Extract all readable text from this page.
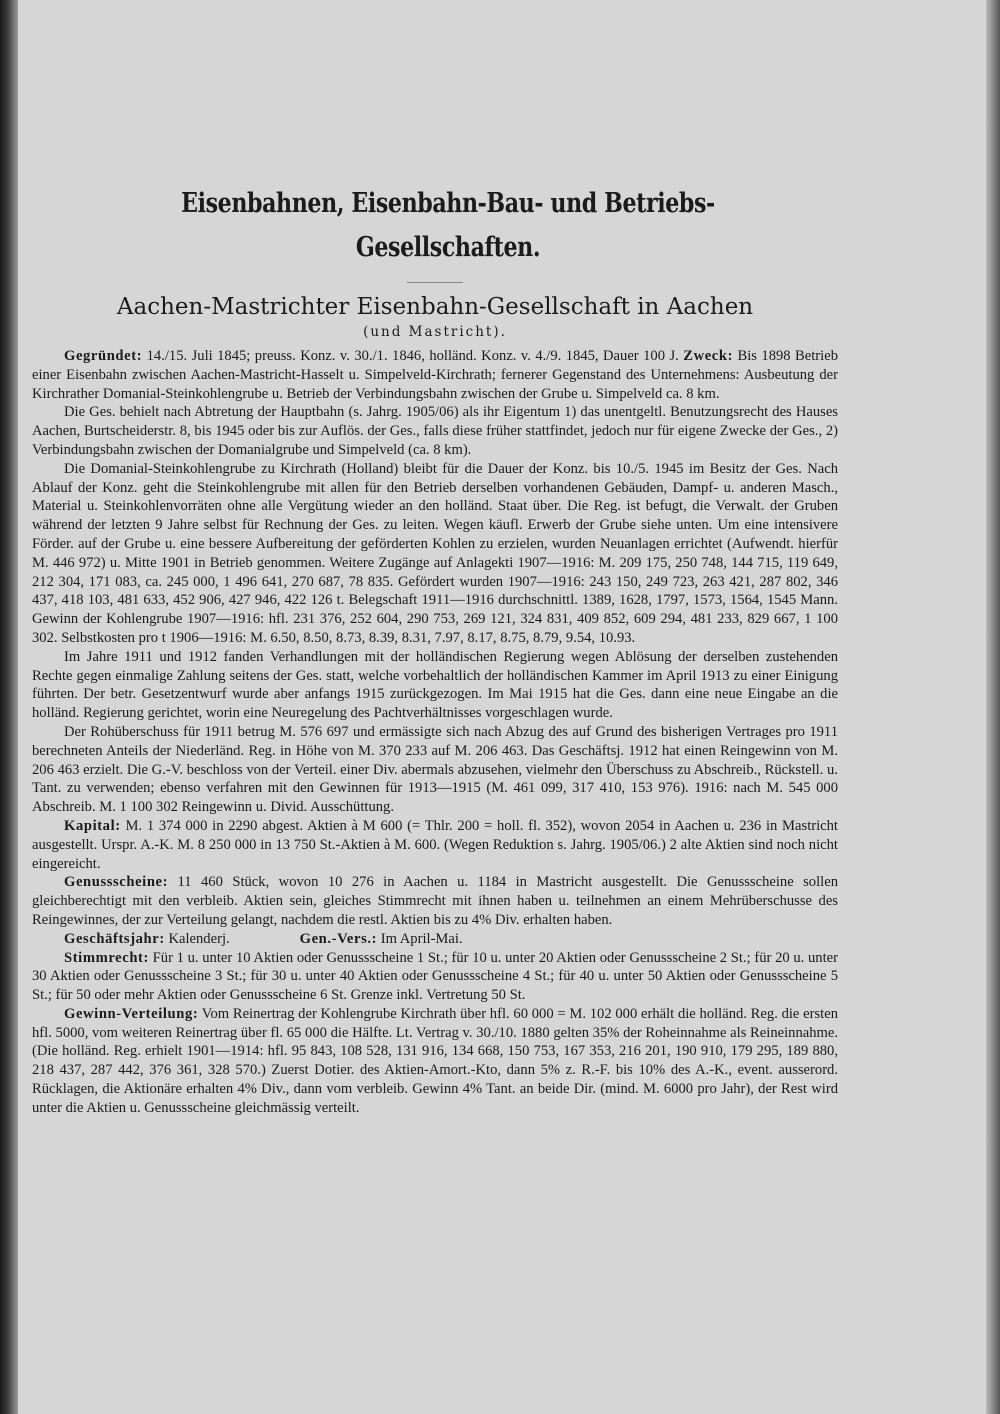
Eisenbahnen, Eisenbahn-Bau- und Betriebs-Gesellschaften.
Aachen-Mastrichter Eisenbahn-Gesellschaft in Aachen
(und Mastricht).

Gegründet: 14./15. Juli 1845; preuss. Konz. v. 30./1. 1846, holländ. Konz. v. 4./9. 1845, Dauer 100 J. Zweck: Bis 1898 Betrieb einer Eisenbahn zwischen Aachen-Mastricht-Hasselt u. Simpelveld-Kirchrath; fernerer Gegenstand des Unternehmens: Ausbeutung der Kirchrather Domanial-Steinkohlengrube u. Betrieb der Verbindungsbahn zwischen der Grube u. Simpelveld ca. 8 km.

Die Ges. behielt nach Abtretung der Hauptbahn (s. Jahrg. 1905/06) als ihr Eigentum 1) das unentgeltl. Benutzungsrecht des Hauses Aachen, Burtscheiderstr. 8, bis 1945 oder bis zur Auflös. der Ges., falls diese früher stattfindet, jedoch nur für eigene Zwecke der Ges., 2) Verbindungsbahn zwischen der Domanialgrube und Simpelveld (ca. 8 km).

Die Domanial-Steinkohlengrube zu Kirchrath (Holland) bleibt für die Dauer der Konz. bis 10./5. 1945 im Besitz der Ges. Nach Ablauf der Konz. geht die Steinkohlengrube mit allen für den Betrieb derselben vorhandenen Gebäuden, Dampf- u. anderen Masch., Material u. Steinkohlenvorräten ohne alle Vergütung wieder an den holländ. Staat über. Die Reg. ist befugt, die Verwalt. der Gruben während der letzten 9 Jahre selbst für Rechnung der Ges. zu leiten. Wegen käufl. Erwerb der Grube siehe unten. Um eine intensivere Förder. auf der Grube u. eine bessere Aufbereitung der geförderten Kohlen zu erzielen, wurden Neuanlagen errichtet (Aufwendt. hierfür M. 446 972) u. Mitte 1901 in Betrieb genommen. Weitere Zugänge auf Anlagekti 1907—1916: M. 209 175, 250 748, 144 715, 119 649, 212 304, 171 083, ca. 245 000, 1 496 641, 270 687, 78 835. Gefördert wurden 1907—1916: 243 150, 249 723, 263 421, 287 802, 346 437, 418 103, 481 633, 452 906, 427 946, 422 126 t. Belegschaft 1911—1916 durchschnittl. 1389, 1628, 1797, 1573, 1564, 1545 Mann. Gewinn der Kohlengrube 1907—1916: hfl. 231 376, 252 604, 290 753, 269 121, 324 831, 409 852, 609 294, 481 233, 829 667, 1 100 302. Selbstkosten pro t 1906—1916: M. 6.50, 8.50, 8.73, 8.39, 8.31, 7.97, 8.17, 8.75, 8.79, 9.54, 10.93.

Im Jahre 1911 und 1912 fanden Verhandlungen mit der holländischen Regierung wegen Ablösung der derselben zustehenden Rechte gegen einmalige Zahlung seitens der Ges. statt, welche vorbehaltlich der holländischen Kammer im April 1913 zu einer Einigung führten. Der betr. Gesetzentwurf wurde aber anfangs 1915 zurückgezogen. Im Mai 1915 hat die Ges. dann eine neue Eingabe an die holländ. Regierung gerichtet, worin eine Neuregelung des Pachtverhältnisses vorgeschlagen wurde.

Der Rohüberschuss für 1911 betrug M. 576 697 und ermässigte sich nach Abzug des auf Grund des bisherigen Vertrages pro 1911 berechneten Anteils der Niederländ. Reg. in Höhe von M. 370 233 auf M. 206 463. Das Geschäftsj. 1912 hat einen Reingewinn von M. 206 463 erzielt. Die G.-V. beschloss von der Verteil. einer Div. abermals abzusehen, vielmehr den Überschuss zu Abschreib., Rückstell. u. Tant. zu verwenden; ebenso verfahren mit den Gewinnen für 1913—1915 (M. 461 099, 317 410, 153 976). 1916: nach M. 545 000 Abschreib. M. 1 100 302 Reingewinn u. Divid. Ausschüttung.

Kapital: M. 1 374 000 in 2290 abgest. Aktien à M 600 (= Thlr. 200 = holl. fl. 352), wovon 2054 in Aachen u. 236 in Mastricht ausgestellt. Urspr. A.-K. M. 8 250 000 in 13 750 St.-Aktien à M. 600. (Wegen Reduktion s. Jahrg. 1905/06.) 2 alte Aktien sind noch nicht eingereicht.

Genussscheine: 11 460 Stück, wovon 10 276 in Aachen u. 1184 in Mastricht ausgestellt. Die Genussscheine sollen gleichberechtigt mit den verbleib. Aktien sein, gleiches Stimmrecht mit ihnen haben u. teilnehmen an einem Mehrüberschusse des Reingewinnes, der zur Verteilung gelangt, nachdem die restl. Aktien bis zu 4% Div. erhalten haben.

Geschäftsjahr: Kalenderj.	Gen.-Vers.: Im April-Mai.

Stimmrecht: Für 1 u. unter 10 Aktien oder Genussscheine 1 St.; für 10 u. unter 20 Aktien oder Genussscheine 2 St.; für 20 u. unter 30 Aktien oder Genussscheine 3 St.; für 30 u. unter 40 Aktien oder Genussscheine 4 St.; für 40 u. unter 50 Aktien oder Genussscheine 5 St.; für 50 oder mehr Aktien oder Genussscheine 6 St. Grenze inkl. Vertretung 50 St.

Gewinn-Verteilung: Vom Reinertrag der Kohlengrube Kirchrath über hfl. 60 000 = M. 102 000 erhält die holländ. Reg. die ersten hfl. 5000, vom weiteren Reinertrag über fl. 65 000 die Hälfte. Lt. Vertrag v. 30./10. 1880 gelten 35% der Roheinnahme als Reineinnahme. (Die holländ. Reg. erhielt 1901—1914: hfl. 95 843, 108 528, 131 916, 134 668, 150 753, 167 353, 216 201, 190 910, 179 295, 189 880, 218 437, 287 442, 376 361, 328 570.) Zuerst Dotier. des Aktien-Amort.-Kto, dann 5% z. R.-F. bis 10% des A.-K., event. ausserord. Rücklagen, die Aktionäre erhalten 4% Div., dann vom verbleib. Gewinn 4% Tant. an beide Dir. (mind. M. 6000 pro Jahr), der Rest wird unter die Aktien u. Genussscheine gleichmässig verteilt.
